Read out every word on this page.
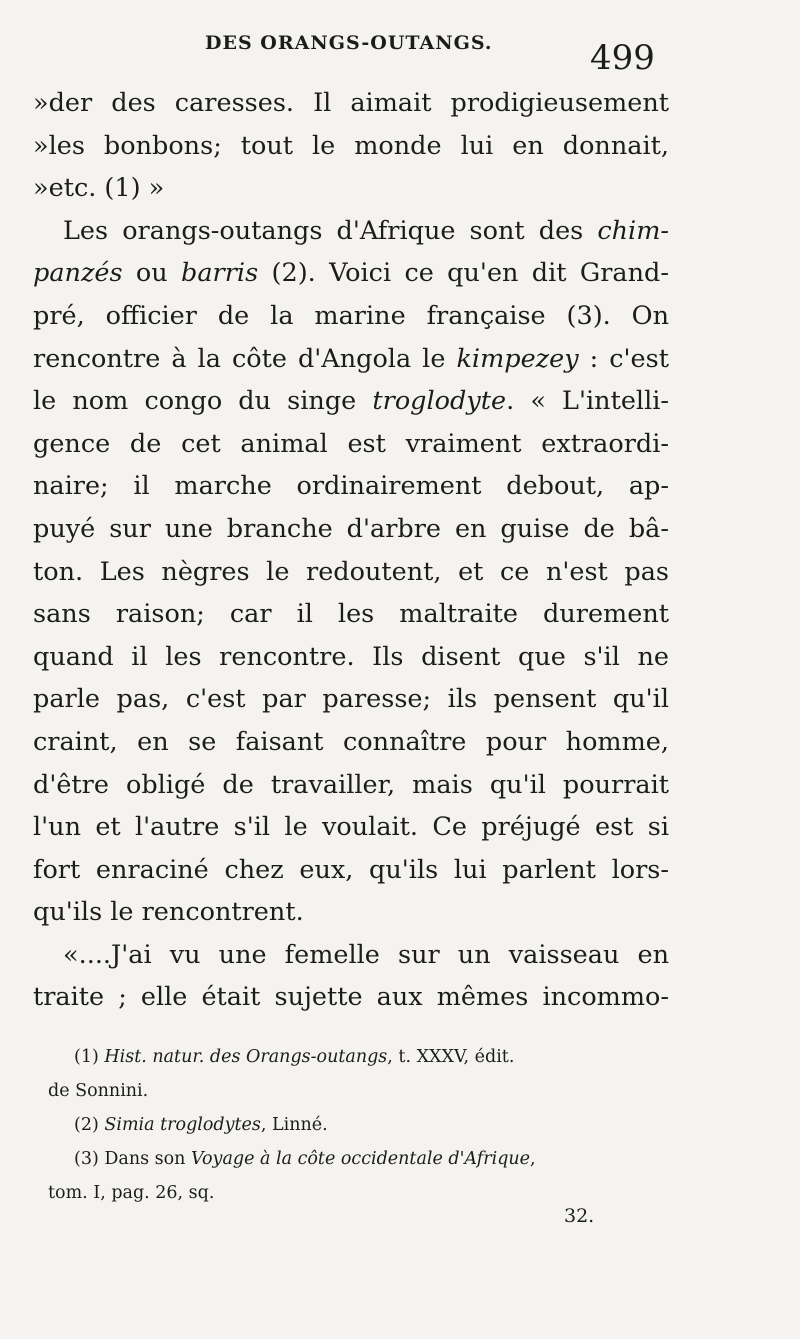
DES ORANGS-OUTANGS.	499
»der des caresses. Il aimait prodigieusement
»les bonbons; tout le monde lui en donnait,
»etc. (1) »
Les orangs-outangs d'Afrique sont des chim-
panzés ou barris (2). Voici ce qu'en dit Grand-
pré, officier de la marine française (3). On
rencontre à la côte d'Angola le kimpezey : c'est
le nom congo du singe troglodyte. « L'intelli-
gence de cet animal est vraiment extraordi-
naire; il marche ordinairement debout, ap-
puyé sur une branche d'arbre en guise de bâ-
ton. Les nègres le redoutent, et ce n'est pas
sans raison; car il les maltraite durement
quand il les rencontre. Ils disent que s'il ne
parle pas, c'est par paresse; ils pensent qu'il
craint, en se faisant connaître pour homme,
d'être obligé de travailler, mais qu'il pourrait
l'un et l'autre s'il le voulait. Ce préjugé est si
fort enraciné chez eux, qu'ils lui parlent lors-
qu'ils le rencontrent.
«....J'ai vu une femelle sur un vaisseau en
traite ; elle était sujette aux mêmes incommo-
(1) Hist. natur. des Orangs-outangs, t. XXXV, édit.
de Sonnini.
(2) Simia troglodytes, Linné.
(3) Dans son Voyage à la côte occidentale d'Afrique,
tom. I, pag. 26, sq.
32.
